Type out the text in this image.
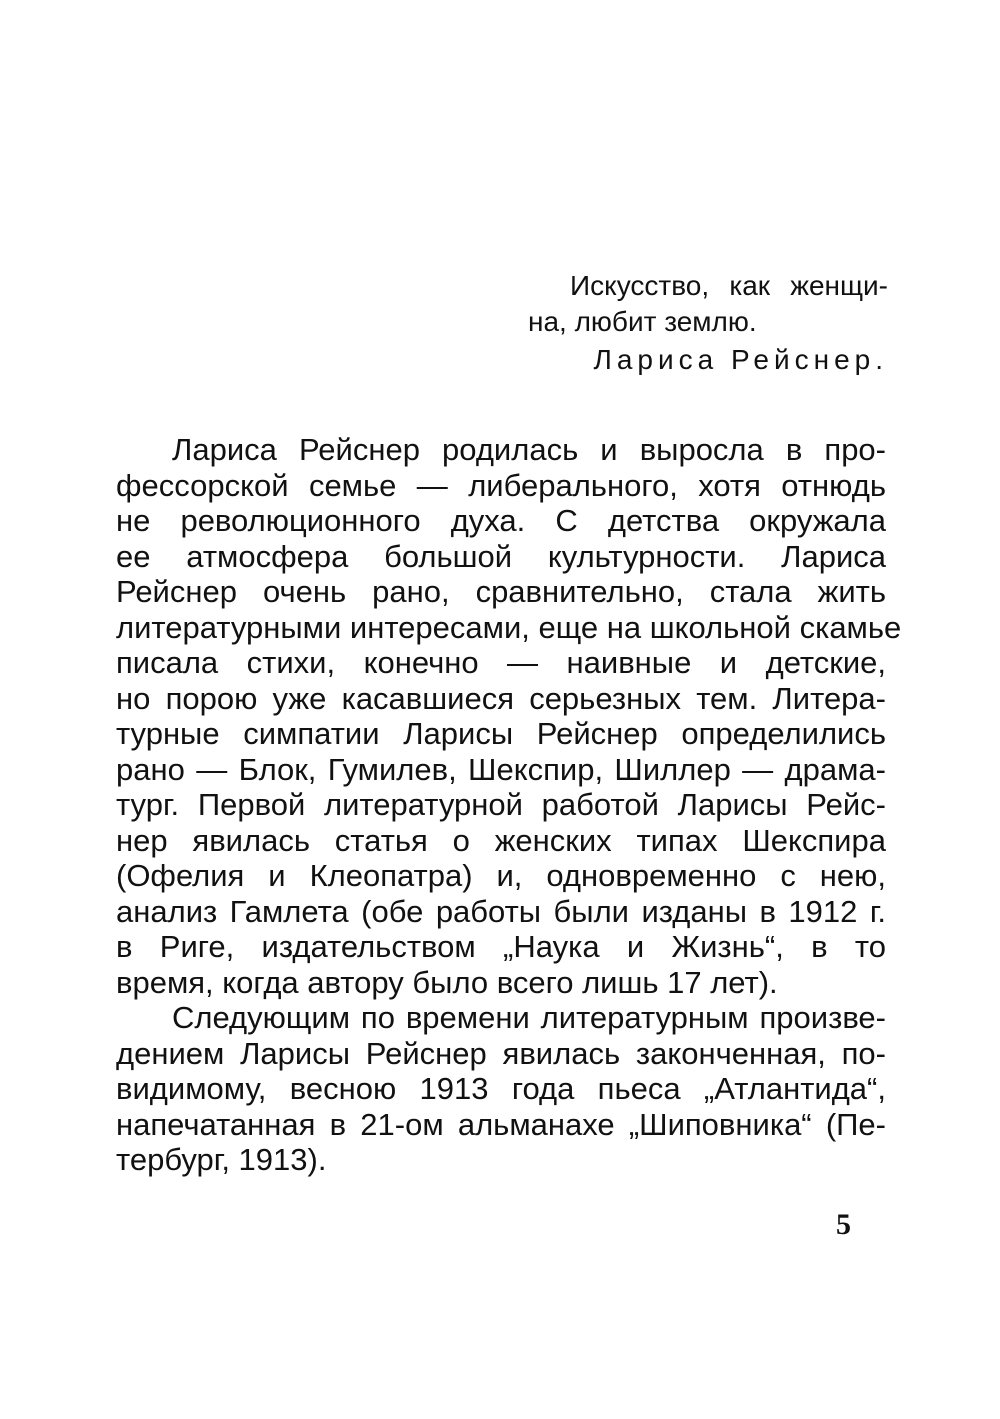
Искусство, как женщи-
на, любит землю.
Лариса Рейснер.
Лариса Рейснер родилась и выросла в про-
фессорской семье — либерального, хотя отнюдь
не революционного духа. С детства окружала
ее атмосфера большой культурности. Лариса
Рейснер очень рано, сравнительно, стала жить
литературными интересами, еще на школьной скамье
писала стихи, конечно — наивные и детские,
но порою уже касавшиеся серьезных тем. Литера-
турные симпатии Ларисы Рейснер определились
рано — Блок, Гумилев, Шекспир, Шиллер — драма-
тург. Первой литературной работой Ларисы Рейс-
нер явилась статья о женских типах Шекспира
(Офелия и Клеопатра) и, одновременно с нею,
анализ Гамлета (обе работы были изданы в 1912 г.
в Риге, издательством „Наука и Жизнь“, в то
время, когда автору было всего лишь 17 лет).
Следующим по времени литературным произве-
дением Ларисы Рейснер явилась законченная, по-
видимому, весною 1913 года пьеса „Атлантида“,
напечатанная в 21-ом альманахе „Шиповника“ (Пе-
тербург, 1913).
5
